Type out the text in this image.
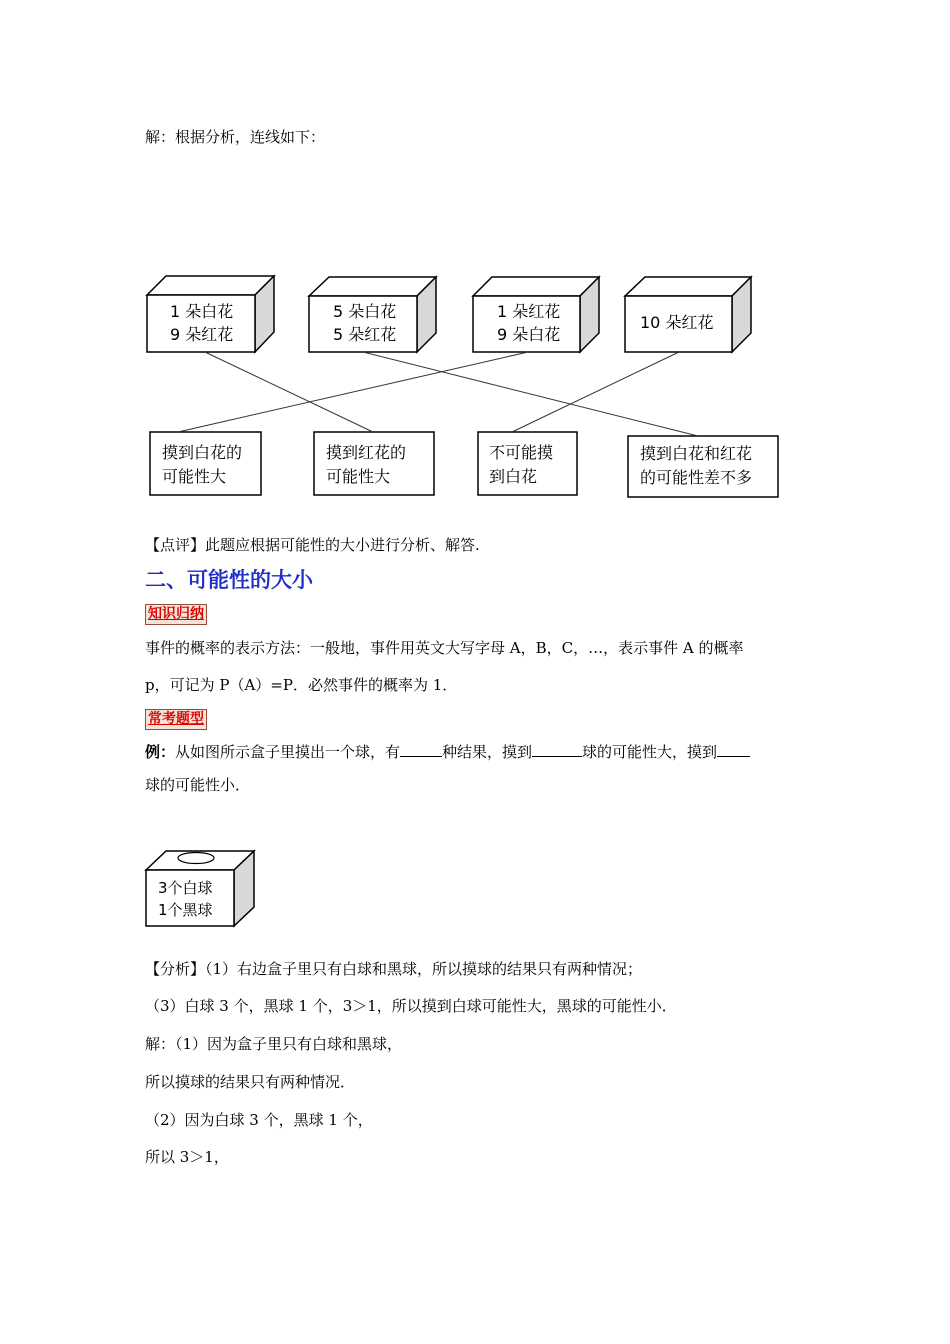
解：根据分析，连线如下：
1 朵白花
9 朵红花
5 朵白花
5 朵红花
1 朵红花
9 朵白花
10 朵红花
摸到白花的
可能性大
摸到红花的
可能性大
不可能摸
到白花
摸到白花和红花
的可能性差不多
【点评】此题应根据可能性的大小进行分析、解答.
二、可能性的大小
知识归纳
事件的概率的表示方法：一般地，事件用英文大写字母 A，B，C，…，表示事件 A 的概率
p，可记为 P（A）=P．必然事件的概率为 1．
常考题型
例：从如图所示盒子里摸出一个球，有	种结果，摸到	球的可能性大，摸到
球的可能性小．
3个白球
1个黑球
【分析】（1）右边盒子里只有白球和黑球，所以摸球的结果只有两种情况；
（3）白球 3 个，黑球 1 个，3＞1，所以摸到白球可能性大，黑球的可能性小．
解：（1）因为盒子里只有白球和黑球，
所以摸球的结果只有两种情况．
（2）因为白球 3 个，黑球 1 个，
所以 3＞1，
